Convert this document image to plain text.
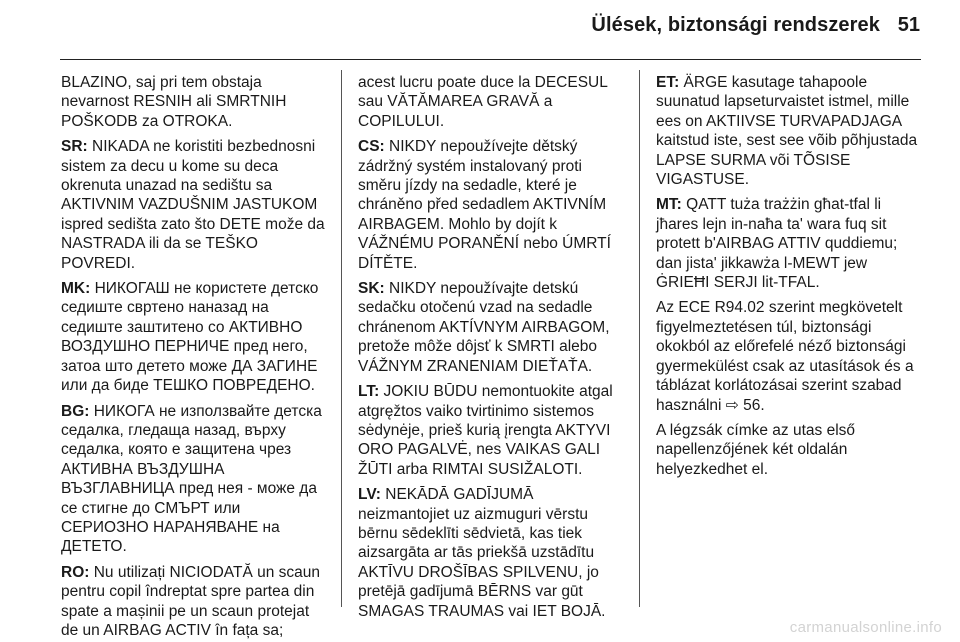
Ülések, biztonsági rendszerek 51

BLAZINO, saj pri tem obstaja nevarnost RESNIH ali SMRTNIH POŠKODB za OTROKA.

SR: NIKADA ne koristiti bezbednosni sistem za decu u kome su deca okrenuta unazad na sedištu sa AKTIVNIM VAZDUŠNIM JASTUKOM ispred sedišta zato što DETE može da NASTRADA ili da se TEŠKO POVREDI.

MK: НИКОГАШ не користете детско седиште свртено наназад на седиште заштитено со АКТИВНО ВОЗДУШНО ПЕРНИЧЕ пред него, затоа што детето може ДА ЗАГИНЕ или да биде ТЕШКО ПОВРЕДЕНО.

BG: НИКОГА не използвайте детска седалка, гледаща назад, върху седалка, която е защитена чрез АКТИВНА ВЪЗДУШНА ВЪЗГЛАВНИЦА пред нея - може да се стигне до СМЪРТ или СЕРИОЗНО НАРАНЯВАНЕ на ДЕТЕТО.

RO: Nu utilizați NICIODATĂ un scaun pentru copil îndreptat spre partea din spate a mașinii pe un scaun protejat de un AIRBAG ACTIV în fața sa;

acest lucru poate duce la DECESUL sau VĂTĂMAREA GRAVĂ a COPILULUI.

CS: NIKDY nepoužívejte dětský zádržný systém instalovaný proti směru jízdy na sedadle, které je chráněno před sedadlem AKTIVNÍM AIRBAGEM. Mohlo by dojít k VÁŽNÉMU PORANĚNÍ nebo ÚMRTÍ DÍTĚTE.

SK: NIKDY nepoužívajte detskú sedačku otočenú vzad na sedadle chránenom AKTÍVNYM AIRBAGOM, pretože môže dôjsť k SMRTI alebo VÁŽNYM ZRANENIAM DIEŤAŤA.

LT: JOKIU BŪDU nemontuokite atgal atgręžtos vaiko tvirtinimo sistemos sėdynėje, prieš kurią įrengta AKTYVI ORO PAGALVĖ, nes VAIKAS GALI ŽŪTI arba RIMTAI SUSIŽALOTI.

LV: NEKĀDĀ GADĪJUMĀ neizmantojiet uz aizmuguri vērstu bērnu sēdeklīti sēdvietā, kas tiek aizsargāta ar tās priekšā uzstādītu AKTĪVU DROŠĪBAS SPILVENU, jo pretējā gadījumā BĒRNS var gūt SMAGAS TRAUMAS vai IET BOJĀ.

ET: ÄRGE kasutage tahapoole suunatud lapseturvaistet istmel, mille ees on AKTIIVSE TURVAPADJAGA kaitstud iste, sest see võib põhjustada LAPSE SURMA või TÕSISE VIGASTUSE.

MT: QATT tuża trażżin għat-tfal li jħares lejn in-naħa ta' wara fuq sit protett b'AIRBAG ATTIV quddiemu; dan jista' jikkawża l-MEWT jew ĠRIEĦI SERJI lit-TFAL.

Az ECE R94.02 szerint megkövetelt figyelmeztetésen túl, biztonsági okokból az előrefelé néző biztonsági gyermekülést csak az utasítások és a táblázat korlátozásai szerint szabad használni ⇨ 56.

A légzsák címke az utas első napellenzőjének két oldalán helyezkedhet el.

carmanualsonline.info
